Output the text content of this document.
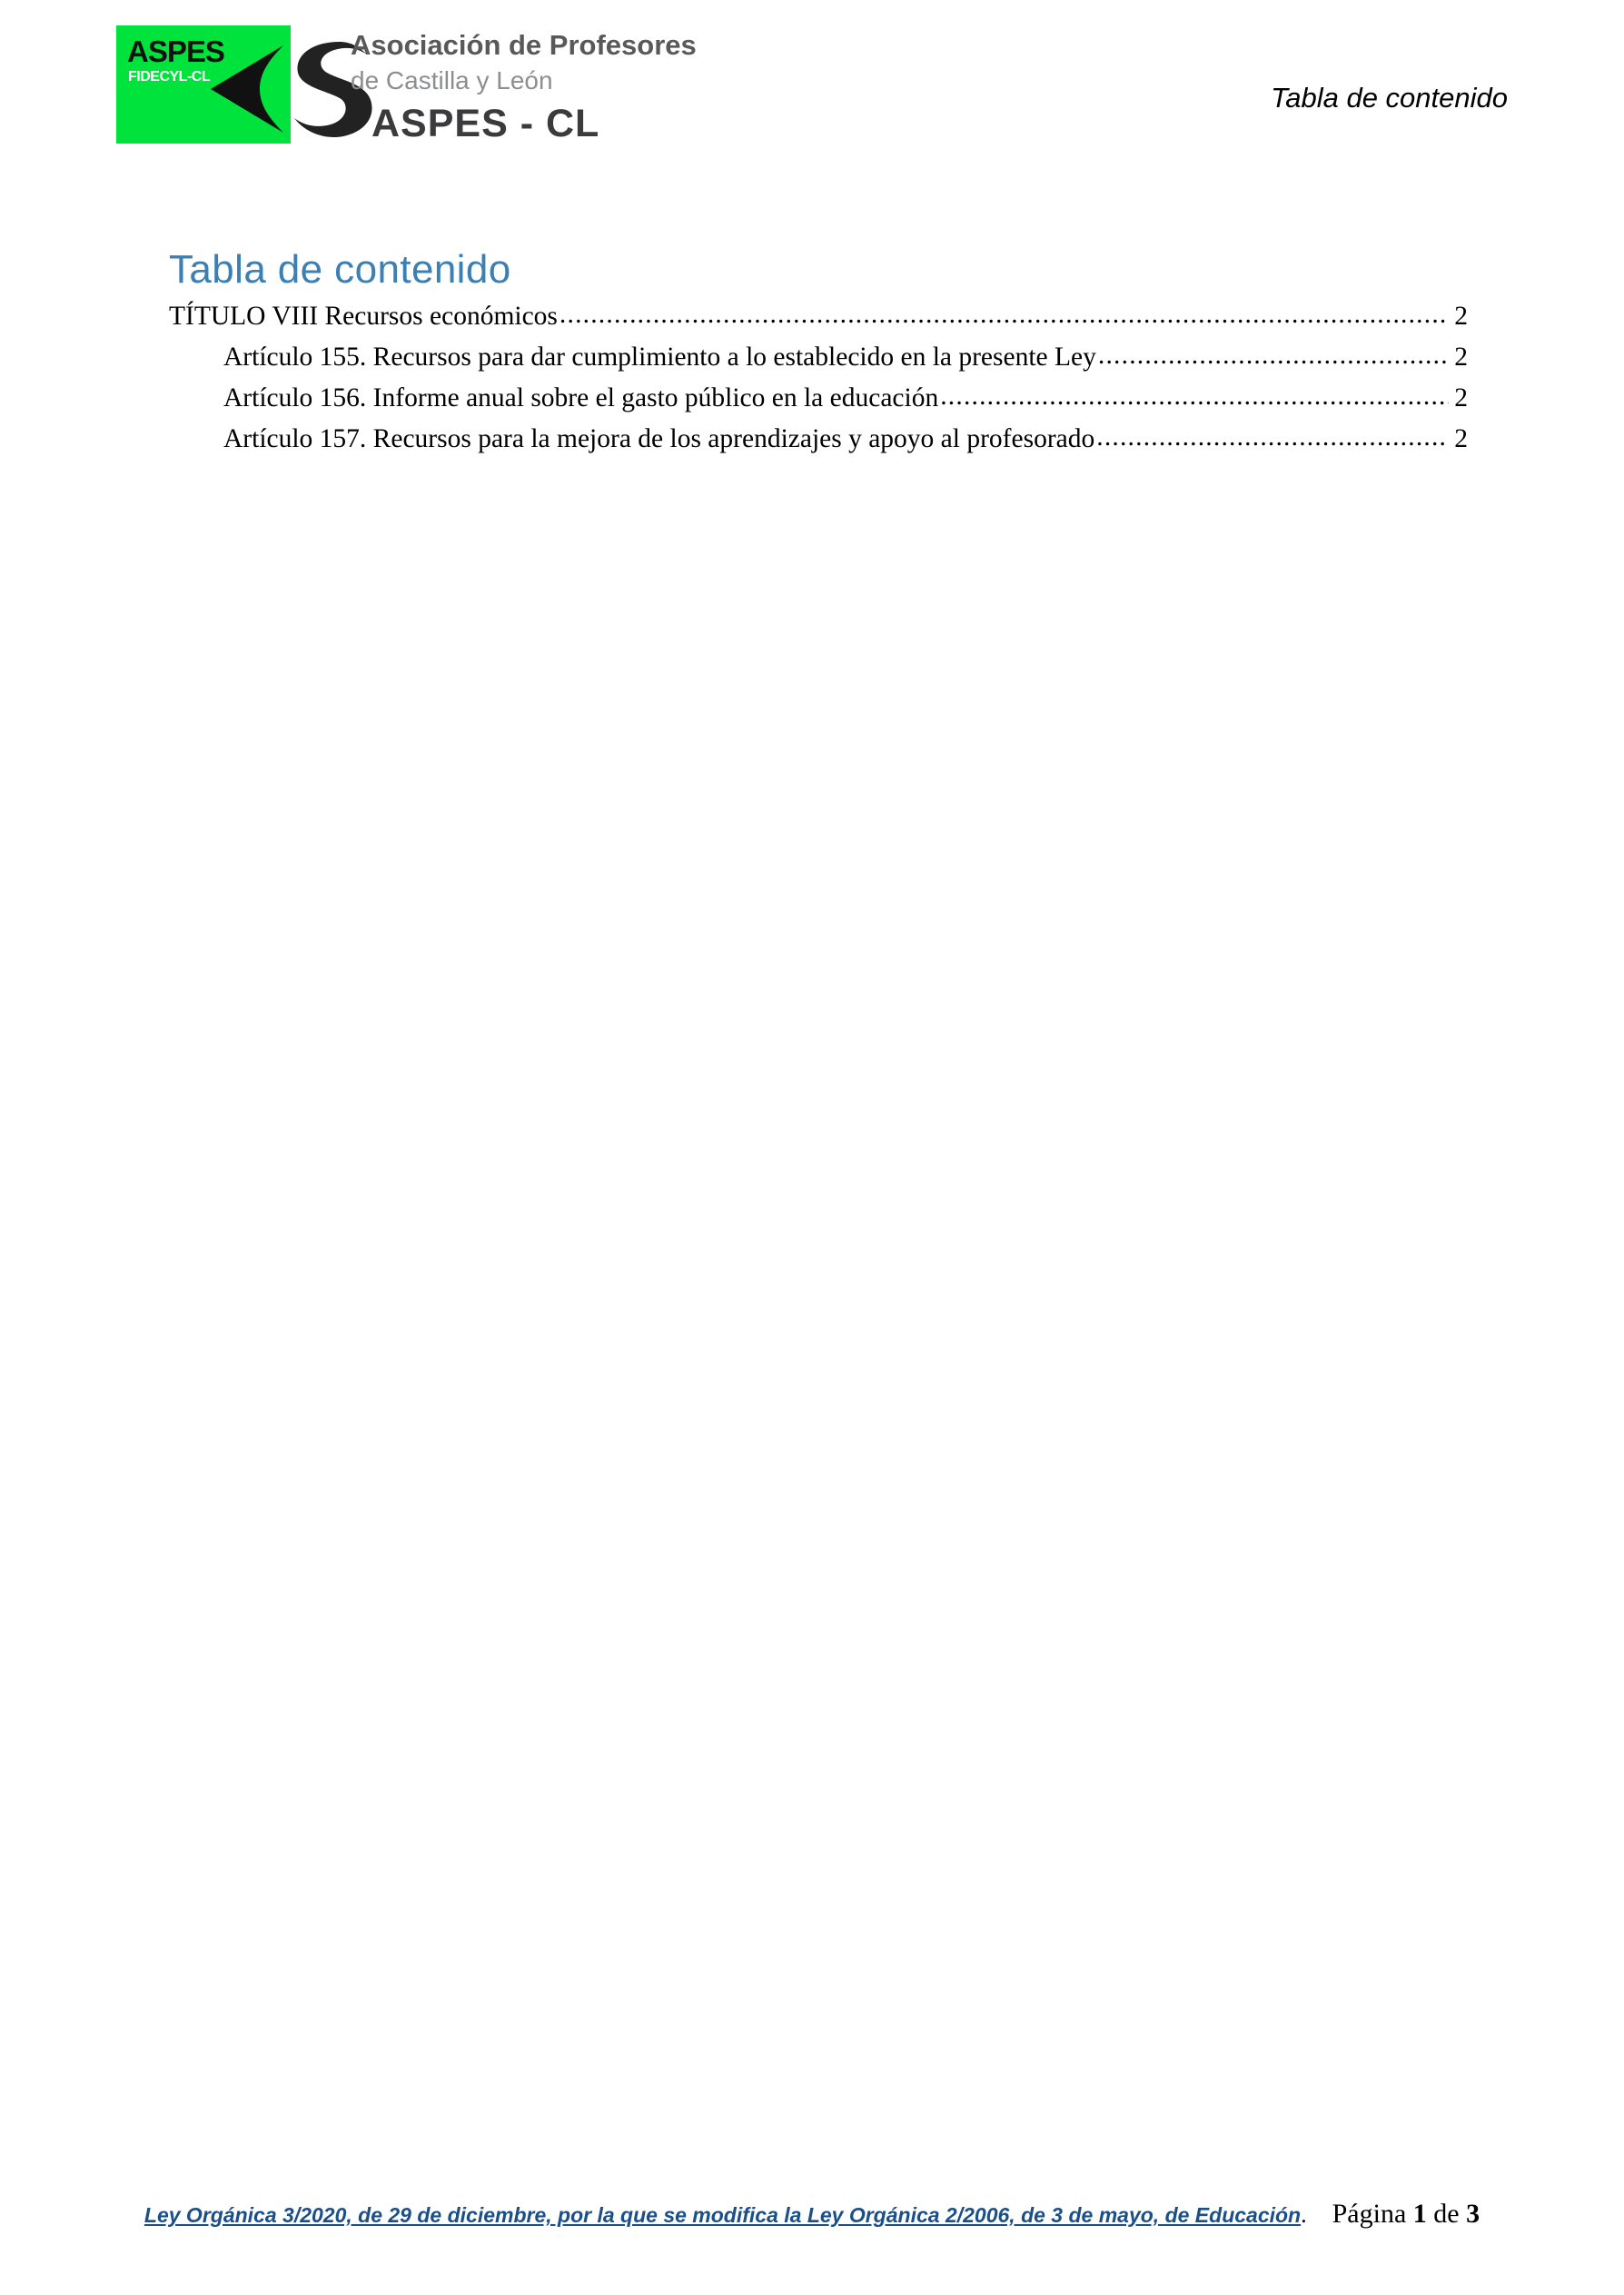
ASPES
FIDECYL-CL
Asociación de Profesores
de Castilla y León
ASPES - CL
Tabla de contenido
Tabla de contenido
TÍTULO VIII Recursos económicos .....	2
Artículo 155. Recursos para dar cumplimiento a lo establecido en la presente Ley .....	2
Artículo 156. Informe anual sobre el gasto público en la educación .....	2
Artículo 157. Recursos para la mejora de los aprendizajes y apoyo al profesorado .....	2
Ley Orgánica 3/2020, de 29 de diciembre, por la que se modifica la Ley Orgánica 2/2006, de 3 de mayo, de Educación. Página 1 de 3
